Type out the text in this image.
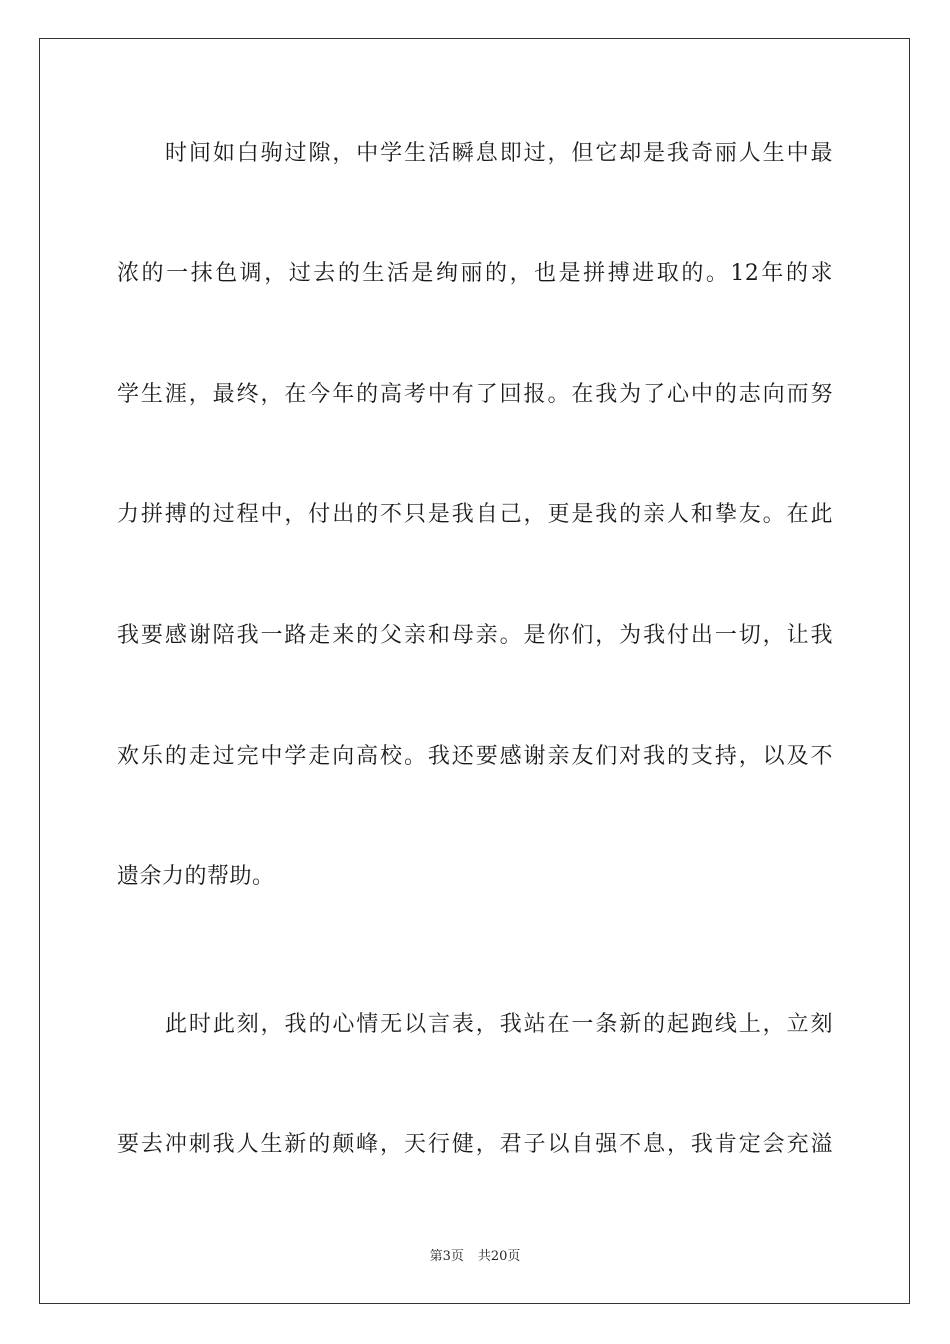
时间如白驹过隙，中学生活瞬息即过，但它却是我奇丽人生中最
浓的一抹色调，过去的生活是绚丽的，也是拼搏进取的。12年的求
学生涯，最终，在今年的高考中有了回报。在我为了心中的志向而努
力拼搏的过程中，付出的不只是我自己，更是我的亲人和挚友。在此
我要感谢陪我一路走来的父亲和母亲。是你们，为我付出一切，让我
欢乐的走过完中学走向高校。我还要感谢亲友们对我的支持，以及不
遗余力的帮助。
此时此刻，我的心情无以言表，我站在一条新的起跑线上，立刻
要去冲刺我人生新的颠峰，天行健，君子以自强不息，我肯定会充溢
第3页 共20页
